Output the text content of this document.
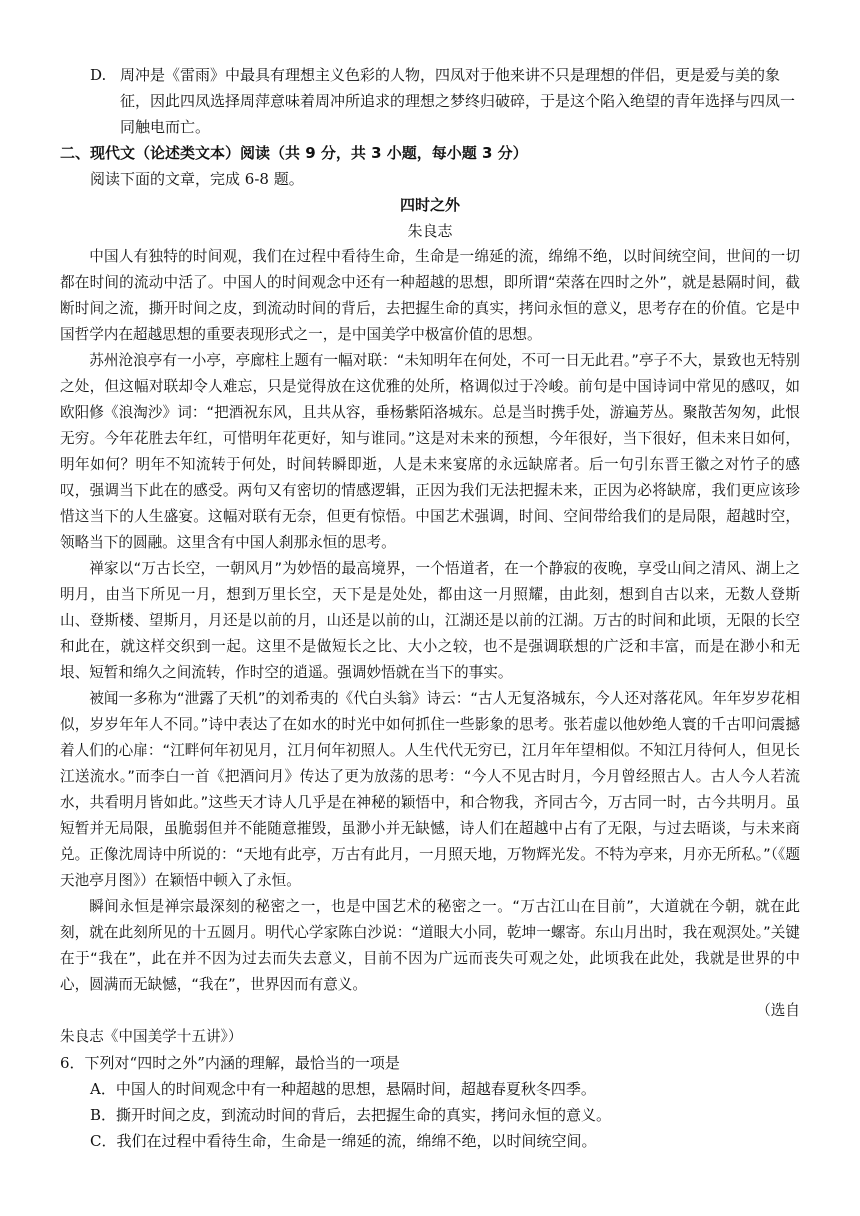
D. 周冲是《雷雨》中最具有理想主义色彩的人物，四凤对于他来讲不只是理想的伴侣，更是爱与美的象征，因此四凤选择周萍意味着周冲所追求的理想之梦终归破碎，于是这个陷入绝望的青年选择与四凤一同触电而亡。

二、现代文（论述类文本）阅读（共 9 分，共 3 小题，每小题 3 分）

阅读下面的文章，完成 6-8 题。

四时之外

朱良志

中国人有独特的时间观，我们在过程中看待生命，生命是一绵延的流，绵绵不绝，以时间统空间，世间的一切都在时间的流动中活了。中国人的时间观念中还有一种超越的思想，即所谓“荣落在四时之外”，就是悬隔时间，截断时间之流，撕开时间之皮，到流动时间的背后，去把握生命的真实，拷问永恒的意义，思考存在的价值。它是中国哲学内在超越思想的重要表现形式之一，是中国美学中极富价值的思想。

苏州沧浪亭有一小亭，亭廊柱上题有一幅对联：“未知明年在何处，不可一日无此君。”亭子不大，景致也无特别之处，但这幅对联却令人难忘，只是觉得放在这优雅的处所，格调似过于冷峻。前句是中国诗词中常见的感叹，如欧阳修《浪淘沙》词：“把酒祝东风，且共从容，垂杨紫陌洛城东。总是当时携手处，游遍芳丛。聚散苦匆匆，此恨无穷。今年花胜去年红，可惜明年花更好，知与谁同。”这是对未来的预想，今年很好，当下很好，但未来日如何，明年如何？明年不知流转于何处，时间转瞬即逝，人是未来宴席的永远缺席者。后一句引东晋王徽之对竹子的感叹，强调当下此在的感受。两句又有密切的情感逻辑，正因为我们无法把握未来，正因为必将缺席，我们更应该珍惜这当下的人生盛宴。这幅对联有无奈，但更有惊悟。中国艺术强调，时间、空间带给我们的是局限，超越时空，领略当下的圆融。这里含有中国人刹那永恒的思考。

禅家以“万古长空，一朝风月”为妙悟的最高境界，一个悟道者，在一个静寂的夜晚，享受山间之清风、湖上之明月，由当下所见一月，想到万里长空，天下是是处处，都由这一月照耀，由此刻，想到自古以来，无数人登斯山、登斯楼、望斯月，月还是以前的月，山还是以前的山，江湖还是以前的江湖。万古的时间和此顷，无限的长空和此在，就这样交织到一起。这里不是做短长之比、大小之较，也不是强调联想的广泛和丰富，而是在渺小和无垠、短暂和绵久之间流转，作时空的逍遥。强调妙悟就在当下的事实。

被闻一多称为“泄露了天机”的刘希夷的《代白头翁》诗云：“古人无复洛城东，今人还对落花风。年年岁岁花相似，岁岁年年人不同。”诗中表达了在如水的时光中如何抓住一些影象的思考。张若虚以他妙绝人寰的千古叩问震撼着人们的心扉：“江畔何年初见月，江月何年初照人。人生代代无穷已，江月年年望相似。不知江月待何人，但见长江送流水。”而李白一首《把酒问月》传达了更为放荡的思考：“今人不见古时月，今月曾经照古人。古人今人若流水，共看明月皆如此。”这些天才诗人几乎是在神秘的颖悟中，和合物我，齐同古今，万古同一时，古今共明月。虽短暂并无局限，虽脆弱但并不能随意摧毁，虽渺小并无缺憾，诗人们在超越中占有了无限，与过去晤谈，与未来商兑。正像沈周诗中所说的：“天地有此亭，万古有此月，一月照天地，万物辉光发。不特为亭来，月亦无所私。”（《题天池亭月图》）在颖悟中顿入了永恒。

瞬间永恒是禅宗最深刻的秘密之一，也是中国艺术的秘密之一。“万古江山在目前”，大道就在今朝，就在此刻，就在此刻所见的十五圆月。明代心学家陈白沙说：“道眼大小同，乾坤一螺寄。东山月出时，我在观溟处。”关键在于“我在”，此在并不因为过去而失去意义，目前不因为广远而丧失可观之处，此顷我在此处，我就是世界的中心，圆满而无缺憾，“我在”，世界因而有意义。

（选自

朱良志《中国美学十五讲》）

6．下列对“四时之外”内涵的理解，最恰当的一项是

A．中国人的时间观念中有一种超越的思想，悬隔时间，超越春夏秋冬四季。

B．撕开时间之皮，到流动时间的背后，去把握生命的真实，拷问永恒的意义。

C．我们在过程中看待生命，生命是一绵延的流，绵绵不绝，以时间统空间。
